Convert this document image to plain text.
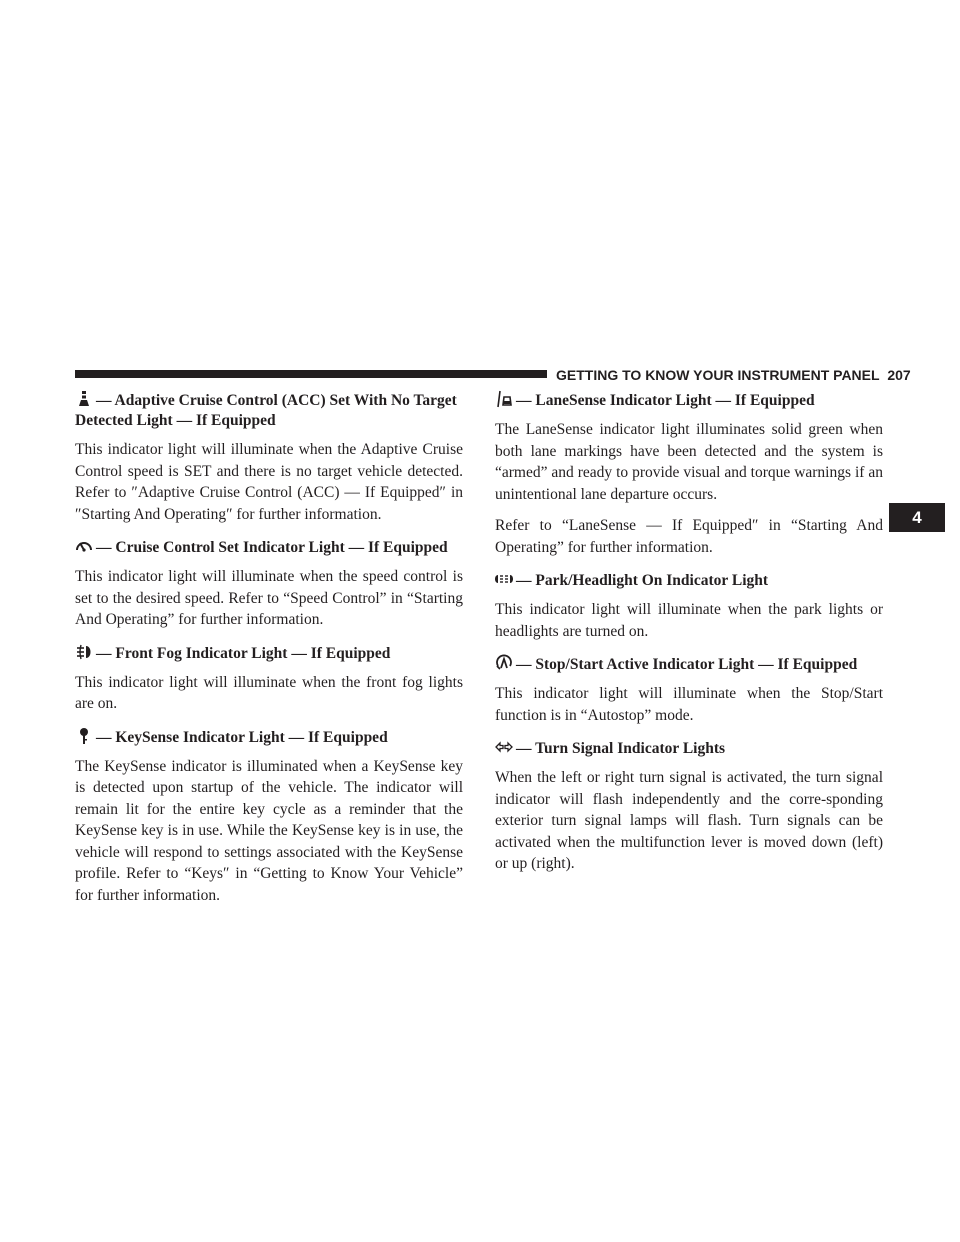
GETTING TO KNOW YOUR INSTRUMENT PANEL 207
4
— Adaptive Cruise Control (ACC) Set With No Target Detected Light — If Equipped

This indicator light will illuminate when the Adaptive Cruise Control speed is SET and there is no target vehicle detected. Refer to ″Adaptive Cruise Control (ACC) — If Equipped″ in ″Starting And Operating″ for further information.

— Cruise Control Set Indicator Light — If Equipped

This indicator light will illuminate when the speed control is set to the desired speed. Refer to “Speed Control” in “Starting And Operating” for further information.

— Front Fog Indicator Light — If Equipped

This indicator light will illuminate when the front fog lights are on.

— KeySense Indicator Light — If Equipped

The KeySense indicator is illuminated when a KeySense key is detected upon startup of the vehicle. The indicator will remain lit for the entire key cycle as a reminder that the KeySense key is in use. While the KeySense key is in use, the vehicle will respond to settings associated with the KeySense profile. Refer to “Keys″ in “Getting to Know Your Vehicle” for further information.

— LaneSense Indicator Light — If Equipped

The LaneSense indicator light illuminates solid green when both lane markings have been detected and the system is “armed” and ready to provide visual and torque warnings if an unintentional lane departure occurs.

Refer to “LaneSense — If Equipped″ in “Starting And Operating” for further information.

— Park/Headlight On Indicator Light

This indicator light will illuminate when the park lights or headlights are turned on.

— Stop/Start Active Indicator Light — If Equipped

This indicator light will illuminate when the Stop/Start function is in “Autostop” mode.

— Turn Signal Indicator Lights

When the left or right turn signal is activated, the turn signal indicator will flash independently and the corre-sponding exterior turn signal lamps will flash. Turn signals can be activated when the multifunction lever is moved down (left) or up (right).
